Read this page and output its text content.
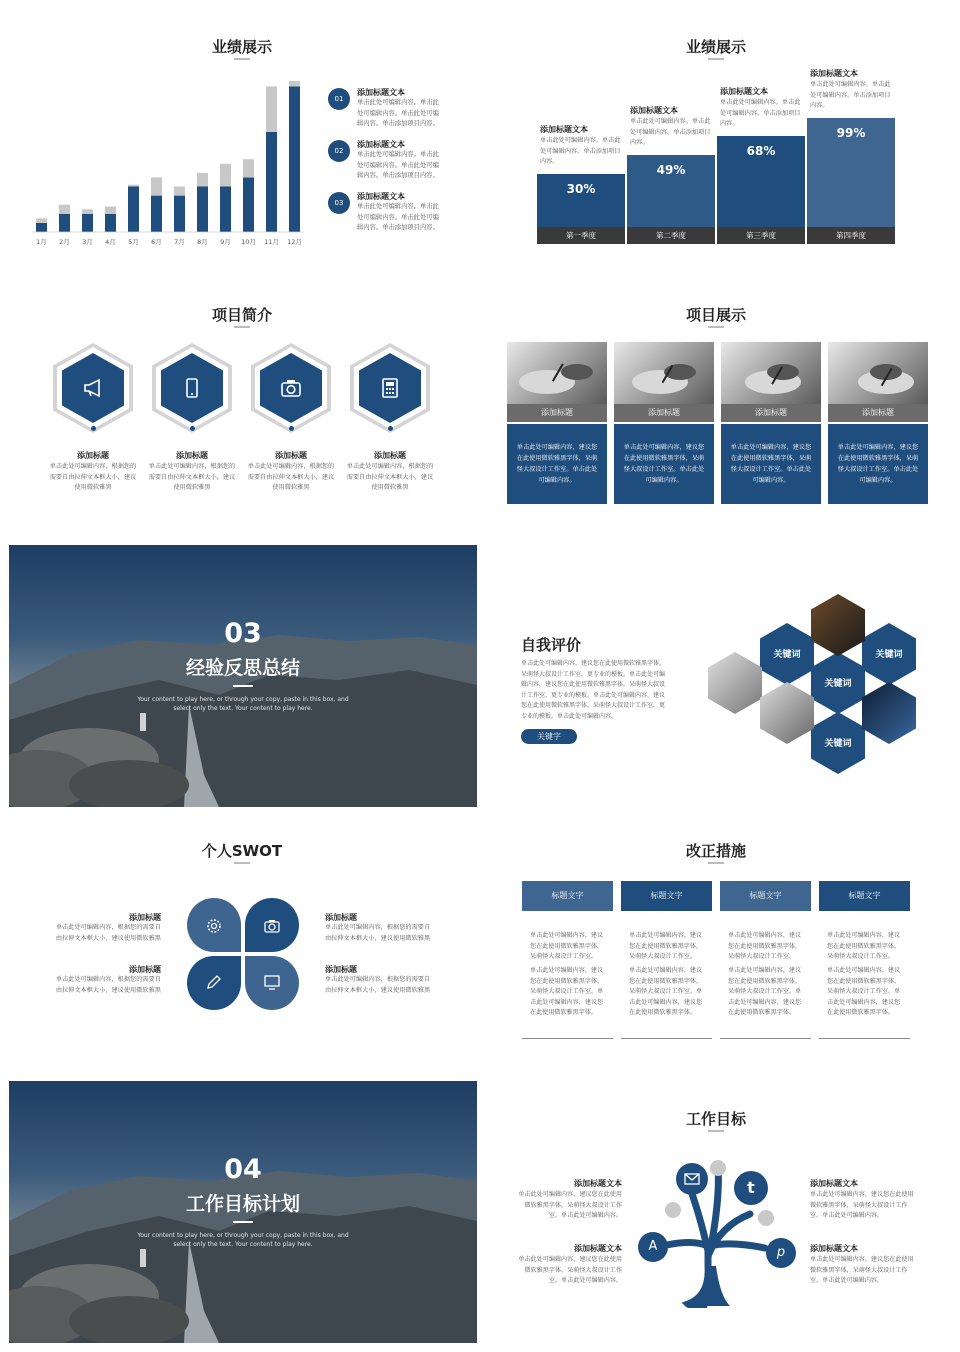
业绩展示
1月 2月 3月 4月 5月 6月 7月 8月 9月 10月 11月 12月
01
添加标题文本
单击此处可编辑内容。单击此处可编辑内容。单击此处可编辑内容。单击添加项目内容。
02
添加标题文本
单击此处可编辑内容。单击此处可编辑内容。单击此处可编辑内容。单击添加项目内容。
03
添加标题文本
单击此处可编辑内容。单击此处可编辑内容。单击此处可编辑内容。单击添加项目内容。
业绩展示
添加标题文本
单击此处可编辑内容。单击此处可编辑内容。单击添加项目内容。
30%
第一季度
添加标题文本
单击此处可编辑内容。单击此处可编辑内容。单击添加项目内容。
49%
第二季度
添加标题文本
单击此处可编辑内容。单击此处可编辑内容。单击添加项目内容。
68%
第三季度
添加标题文本
单击此处可编辑内容。单击此处可编辑内容。单击添加项目内容。
99%
第四季度
项目简介
添加标题
单击此处可编辑内容，根据您的需要自由拉伸文本框大小，建议使用微软雅黑
添加标题
单击此处可编辑内容，根据您的需要自由拉伸文本框大小，建议使用微软雅黑
添加标题
单击此处可编辑内容，根据您的需要自由拉伸文本框大小，建议使用微软雅黑
添加标题
单击此处可编辑内容，根据您的需要自由拉伸文本框大小，建议使用微软雅黑
项目展示
添加标题
单击此处可编辑内容，建议您在此使用微软雅黑字体，呆萌怪大叔设计工作室。单击此处可编辑内容。
添加标题
单击此处可编辑内容，建议您在此使用微软雅黑字体，呆萌怪大叔设计工作室。单击此处可编辑内容。
添加标题
单击此处可编辑内容，建议您在此使用微软雅黑字体，呆萌怪大叔设计工作室。单击此处可编辑内容。
添加标题
单击此处可编辑内容，建议您在此使用微软雅黑字体，呆萌怪大叔设计工作室。单击此处可编辑内容。
03
经验反思总结
Your content to play here, or through your copy, paste in this box, and select only the text. Your content to play here.
自我评价
单击此处可编辑内容，建议您在此使用微软雅黑字体，呆萌怪大叔设计工作室，更专业的模板。单击此处可编辑内容，建议您在此使用微软雅黑字体，呆萌怪大叔设计工作室，更专业的模板。单击此处可编辑内容，建议您在此使用微软雅黑字体，呆萌怪大叔设计工作室，更专业的模板。单击此处可编辑内容。
关键字
关键词	关键词
关键词
关键词
个人SWOT
添加标题
单击此处可编辑内容，根据您的需要自由拉伸文本框大小，建议使用微软雅黑
添加标题
单击此处可编辑内容，根据您的需要自由拉伸文本框大小，建议使用微软雅黑
添加标题
单击此处可编辑内容，根据您的需要自由拉伸文本框大小，建议使用微软雅黑
添加标题
单击此处可编辑内容，根据您的需要自由拉伸文本框大小，建议使用微软雅黑
改正措施
标题文字
单击此处可编辑内容，建议您在此使用微软雅黑字体，呆萌怪大叔设计工作室。
单击此处可编辑内容，建议您在此使用微软雅黑字体，呆萌怪大叔设计工作室。单击此处可编辑内容，建议您在此使用微软雅黑字体。
标题文字
单击此处可编辑内容，建议您在此使用微软雅黑字体，呆萌怪大叔设计工作室。
单击此处可编辑内容，建议您在此使用微软雅黑字体，呆萌怪大叔设计工作室。单击此处可编辑内容，建议您在此使用微软雅黑字体。
标题文字
单击此处可编辑内容，建议您在此使用微软雅黑字体，呆萌怪大叔设计工作室。
单击此处可编辑内容，建议您在此使用微软雅黑字体，呆萌怪大叔设计工作室。单击此处可编辑内容，建议您在此使用微软雅黑字体。
标题文字
单击此处可编辑内容，建议您在此使用微软雅黑字体，呆萌怪大叔设计工作室。
单击此处可编辑内容，建议您在此使用微软雅黑字体，呆萌怪大叔设计工作室。单击此处可编辑内容，建议您在此使用微软雅黑字体。
04
工作目标计划
Your content to play here, or through your copy, paste in this box, and select only the text. Your content to play here.
工作目标
t
A	p
添加标题文本
单击此处可编辑内容，建议您在此使用微软雅黑字体，呆萌怪大叔设计工作室。单击此处可编辑内容。
添加标题文本
单击此处可编辑内容，建议您在此使用微软雅黑字体，呆萌怪大叔设计工作室。单击此处可编辑内容。
添加标题文本
单击此处可编辑内容，建议您在此使用微软雅黑字体，呆萌怪大叔设计工作室。单击此处可编辑内容。
添加标题文本
单击此处可编辑内容，建议您在此使用微软雅黑字体，呆萌怪大叔设计工作室。单击此处可编辑内容。
